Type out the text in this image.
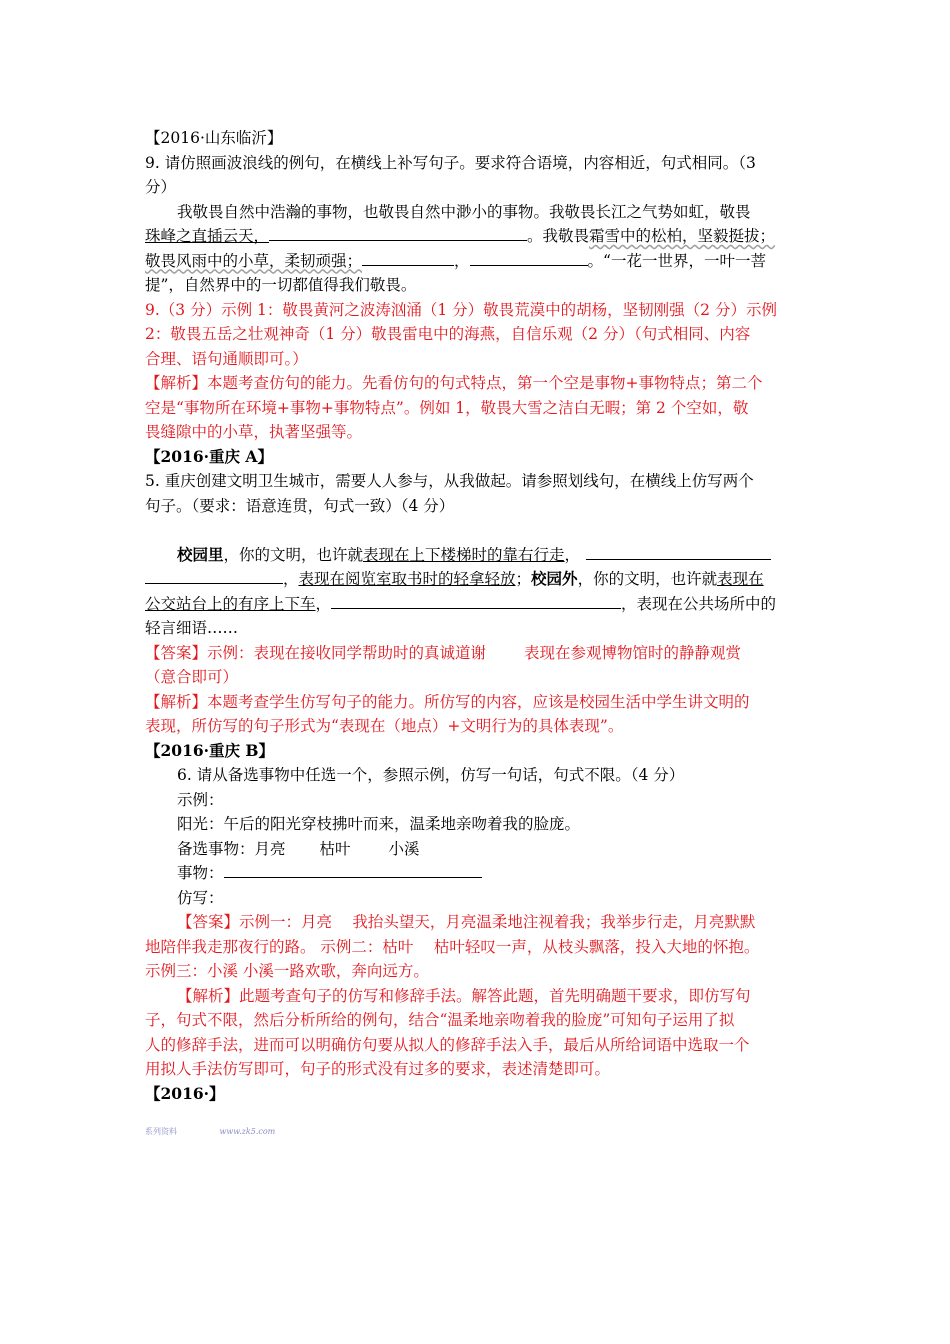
【2016·山东临沂】
9. 请仿照画波浪线的例句，在横线上补写句子。要求符合语境，内容相近，句式相同。（3
分）
我敬畏自然中浩瀚的事物，也敬畏自然中渺小的事物。我敬畏长江之气势如虹，敬畏
珠峰之直插云天，	。我敬畏 霜雪中的松柏，坚毅挺拔；
敬畏风雨中的小草，柔韧顽强；	，	。“一花一世界，一叶一菩
提”，自然界中的一切都值得我们敬畏。
9.（3 分）示例 1：敬畏黄河之波涛汹涌（1 分）敬畏荒漠中的胡杨，坚韧刚强（2 分）示例
2：敬畏五岳之壮观神奇（1 分）敬畏雷电中的海燕，自信乐观（2 分）（句式相同、内容
合理、语句通顺即可。）
【解析】本题考查仿句的能力。先看仿句的句式特点，第一个空是事物+事物特点；第二个
空是“事物所在环境+事物+事物特点”。例如 1，敬畏大雪之洁白无暇；第 2 个空如，敬
畏缝隙中的小草，执著坚强等。
【2016·重庆 A】
5. 重庆创建文明卫生城市，需要人人参与，从我做起。请参照划线句，在横线上仿写两个
句子。（要求：语意连贯，句式一致）（4 分）
校园里 ，你的文明，也许就 表现在上下楼梯时的靠右行走 ，
， 表现在阅览室取书时的轻拿轻放 ； 校园外 ，你的文明，也许就 表现在
公交站台上的有序上下车 ，	，表现在公共场所中的
轻言细语……
【答案】示例：表现在接收同学帮助时的真诚道谢 表现在参观博物馆时的静静观赏
（意合即可）
【解析】本题考查学生仿写句子的能力。所仿写的内容，应该是校园生活中学生讲文明的
表现，所仿写的句子形式为“表现在（地点）+文明行为的具体表现”。
【2016·重庆 B】
6. 请从备选事物中任选一个，参照示例，仿写一句话，句式不限。（4 分）
示例：
阳光：午后的阳光穿枝拂叶而来，温柔地亲吻着我的脸庞。
备选事物：月亮 枯叶 小溪
事物：
仿写：
【答案】示例一：月亮　 我抬头望天，月亮温柔地注视着我；我举步行走，月亮默默
地陪伴我走那夜行的路。 示例二：枯叶　 枯叶轻叹一声，从枝头飘落，投入大地的怀抱。
示例三：小溪 小溪一路欢歌，奔向远方。
【解析】此题考查句子的仿写和修辞手法。解答此题，首先明确题干要求，即仿写句
子，句式不限，然后分析所给的例句，结合“温柔地亲吻着我的脸庞”可知句子运用了拟
人的修辞手法，进而可以明确仿句要从拟人的修辞手法入手，最后从所给词语中选取一个
用拟人手法仿写即可，句子的形式没有过多的要求，表述清楚即可。
【2016·】
系列资料	www.zk5.com
